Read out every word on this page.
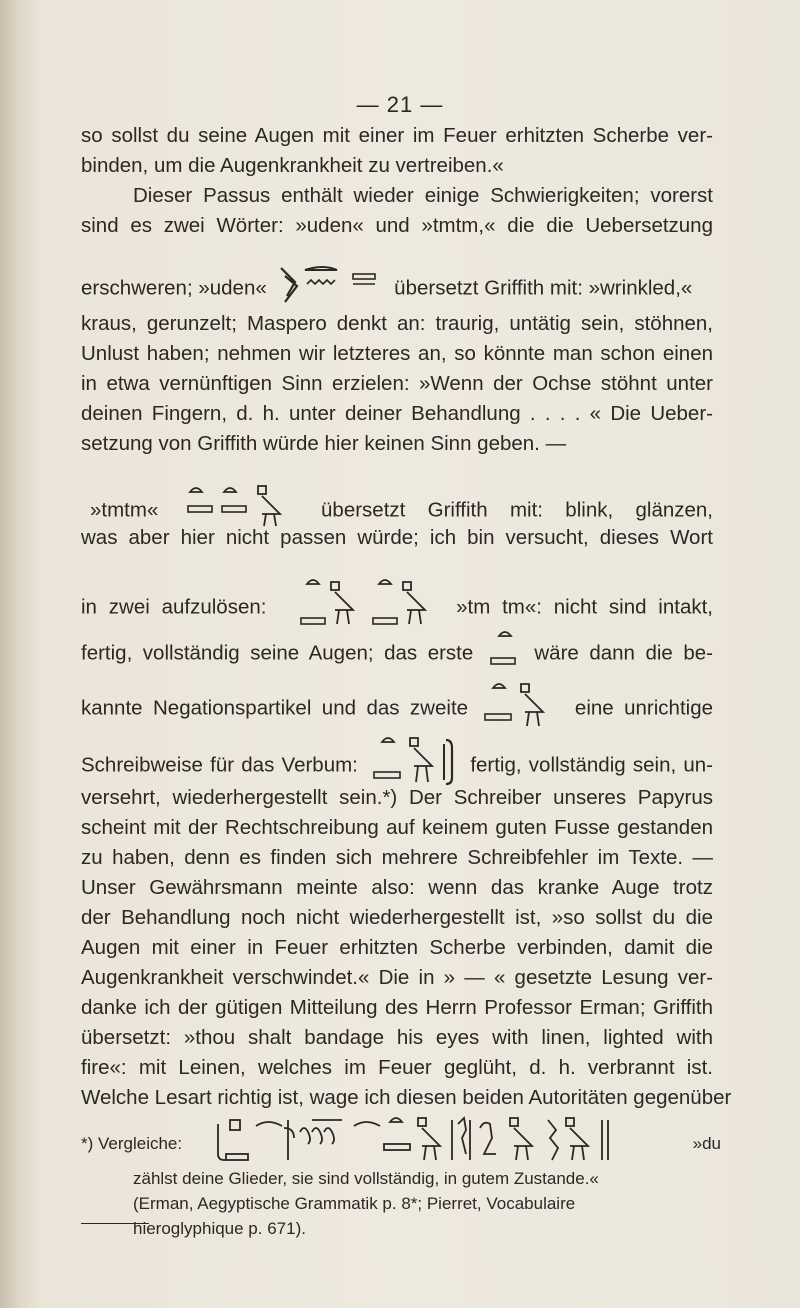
— 21 —
so sollst du seine Augen mit einer im Feuer erhitzten Scherbe ver-
binden, um die Augenkrankheit zu vertreiben.«
Dieser Passus enthält wieder einige Schwierigkeiten; vorerst
sind es zwei Wörter: »uden« und »tmtm,« die die Uebersetzung
erschweren; »uden«	übersetzt Griffith mit: »wrinkled,«
kraus, gerunzelt; Maspero denkt an: traurig, untätig sein, stöhnen,
Unlust haben; nehmen wir letzteres an, so könnte man schon einen
in etwa vernünftigen Sinn erzielen: »Wenn der Ochse stöhnt unter
deinen Fingern, d. h. unter deiner Behandlung . . . . « Die Ueber-
setzung von Griffith würde hier keinen Sinn geben. —
»tmtm«	übersetzt Griffith mit: blink, glänzen,
was aber hier nicht passen würde; ich bin versucht, dieses Wort
in zwei aufzulösen:	»tm tm«: nicht sind intakt,
fertig, vollständig seine Augen; das erste	wäre dann die be-
kannte Negationspartikel und das zweite	eine unrichtige
Schreibweise für das Verbum:	fertig, vollständig sein, un-
versehrt, wiederhergestellt sein.*) Der Schreiber unseres Papyrus
scheint mit der Rechtschreibung auf keinem guten Fusse gestanden
zu haben, denn es finden sich mehrere Schreibfehler im Texte. —
Unser Gewährsmann meinte also: wenn das kranke Auge trotz
der Behandlung noch nicht wiederhergestellt ist, »so sollst du die
Augen mit einer in Feuer erhitzten Scherbe verbinden, damit die
Augenkrankheit verschwindet.« Die in » — « gesetzte Lesung ver-
danke ich der gütigen Mitteilung des Herrn Professor Erman; Griffith
übersetzt: »thou shalt bandage his eyes with linen, lighted with
fire«: mit Leinen, welches im Feuer geglüht, d. h. verbrannt ist.
Welche Lesart richtig ist, wage ich diesen beiden Autoritäten gegenüber
*) Vergleiche:	»du
zählst deine Glieder, sie sind vollständig, in gutem Zustande.«
(Erman, Aegyptische Grammatik p. 8*; Pierret, Vocabulaire
hieroglyphique p. 671).
